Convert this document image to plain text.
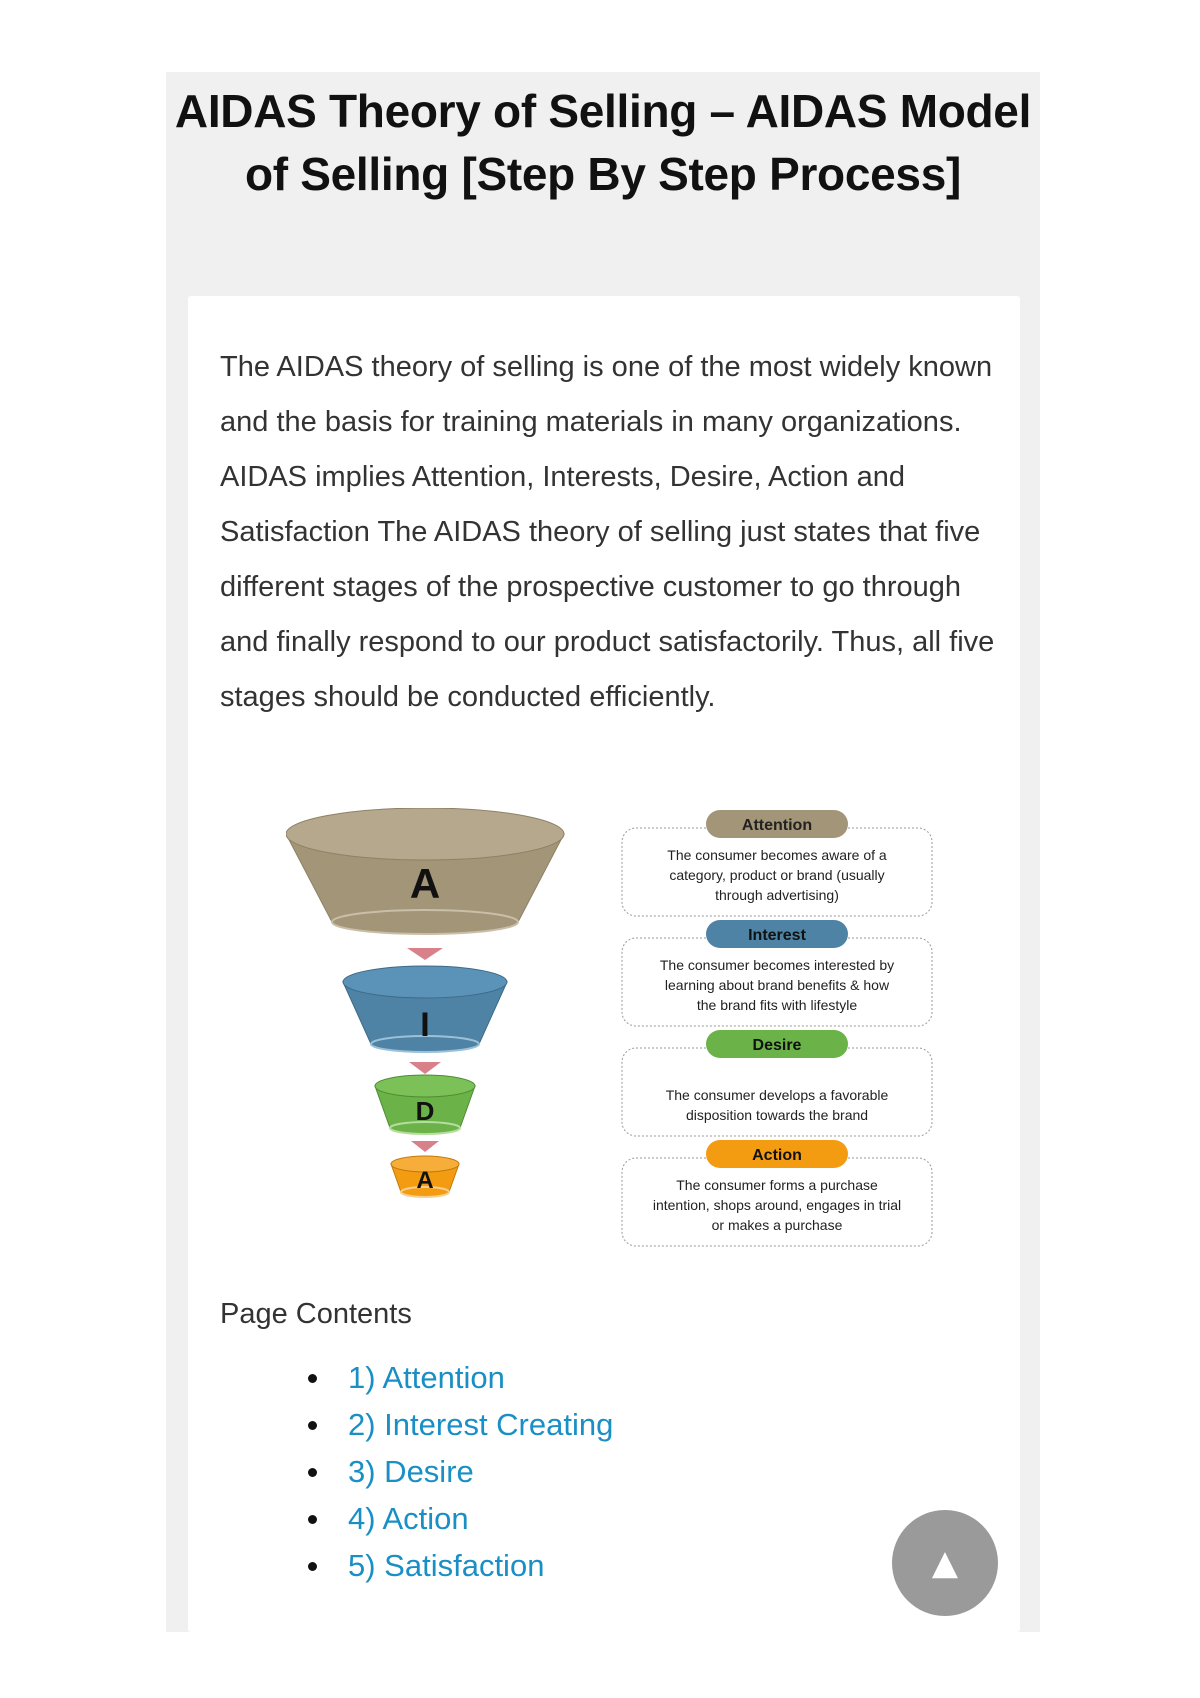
AIDAS Theory of Selling – AIDAS Model of Selling [Step By Step Process]

The AIDAS theory of selling is one of the most widely known and the basis for training materials in many organizations. AIDAS implies Attention, Interests, Desire, Action and Satisfaction The AIDAS theory of selling just states that five different stages of the prospective customer to go through and finally respond to our product satisfactorily. Thus, all five stages should be conducted efficiently.

A
I
D
A
Attention
The consumer becomes aware of a
category, product or brand (usually
through advertising)
Interest
The consumer becomes interested by
learning about brand benefits & how
the brand fits with lifestyle
Desire
The consumer develops a favorable
disposition towards the brand
Action
The consumer forms a purchase
intention, shops around, engages in trial
or makes a purchase
Page Contents
1) Attention
2) Interest Creating
3) Desire
4) Action
5) Satisfaction	▲
